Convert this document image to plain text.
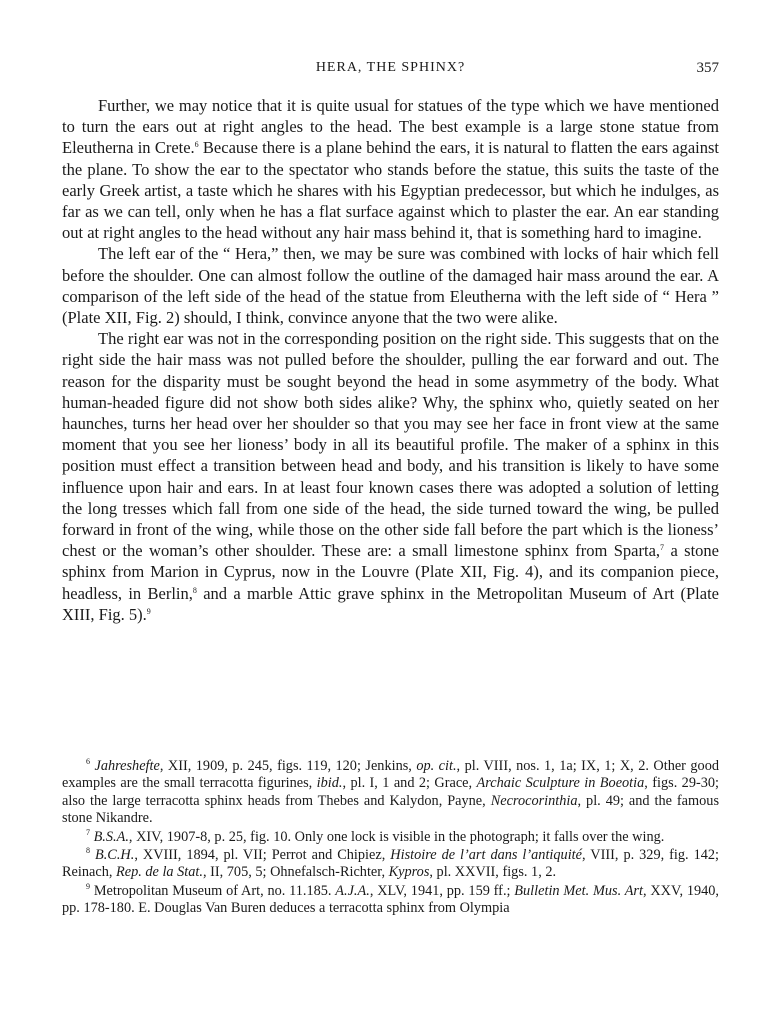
HERA, THE SPHINX?	357

Further, we may notice that it is quite usual for statues of the type which we have mentioned to turn the ears out at right angles to the head. The best example is a large stone statue from Eleutherna in Crete.$^6$ Because there is a plane behind the ears, it is natural to flatten the ears against the plane. To show the ear to the spectator who stands before the statue, this suits the taste of the early Greek artist, a taste which he shares with his Egyptian predecessor, but which he indulges, as far as we can tell, only when he has a flat surface against which to plaster the ear. An ear standing out at right angles to the head without any hair mass behind it, that is something hard to imagine.

The left ear of the “ Hera,” then, we may be sure was combined with locks of hair which fell before the shoulder. One can almost follow the outline of the damaged hair mass around the ear. A comparison of the left side of the head of the statue from Eleutherna with the left side of “ Hera ” (Plate XII, Fig. 2) should, I think, convince anyone that the two were alike.

The right ear was not in the corresponding position on the right side. This suggests that on the right side the hair mass was not pulled before the shoulder, pulling the ear forward and out. The reason for the disparity must be sought beyond the head in some asymmetry of the body. What human-headed figure did not show both sides alike? Why, the sphinx who, quietly seated on her haunches, turns her head over her shoulder so that you may see her face in front view at the same moment that you see her lioness’ body in all its beautiful profile. The maker of a sphinx in this position must effect a transition between head and body, and his transition is likely to have some influence upon hair and ears. In at least four known cases there was adopted a solution of letting the long tresses which fall from one side of the head, the side turned toward the wing, be pulled forward in front of the wing, while those on the other side fall before the part which is the lioness’ chest or the woman’s other shoulder. These are: a small limestone sphinx from Sparta,$^7$ a stone sphinx from Marion in Cyprus, now in the Louvre (Plate XII, Fig. 4), and its companion piece, headless, in Berlin,$^8$ and a marble Attic grave sphinx in the Metropolitan Museum of Art (Plate XIII, Fig. 5).$^9$

$^6$ Jahreshefte, XII, 1909, p. 245, figs. 119, 120; Jenkins, op. cit., pl. VIII, nos. 1, 1a; IX, 1; X, 2. Other good examples are the small terracotta figurines, ibid., pl. I, 1 and 2; Grace, Archaic Sculpture in Boeotia, figs. 29-30; also the large terracotta sphinx heads from Thebes and Kalydon, Payne, Necrocorinthia, pl. 49; and the famous stone Nikandre.

$^7$ B.S.A., XIV, 1907-8, p. 25, fig. 10. Only one lock is visible in the photograph; it falls over the wing.

$^8$ B.C.H., XVIII, 1894, pl. VII; Perrot and Chipiez, Histoire de l’art dans l’antiquité, VIII, p. 329, fig. 142; Reinach, Rep. de la Stat., II, 705, 5; Ohnefalsch-Richter, Kypros, pl. XXVII, figs. 1, 2.

$^9$ Metropolitan Museum of Art, no. 11.185. A.J.A., XLV, 1941, pp. 159 ff.; Bulletin Met. Mus. Art, XXV, 1940, pp. 178-180. E. Douglas Van Buren deduces a terracotta sphinx from Olympia
